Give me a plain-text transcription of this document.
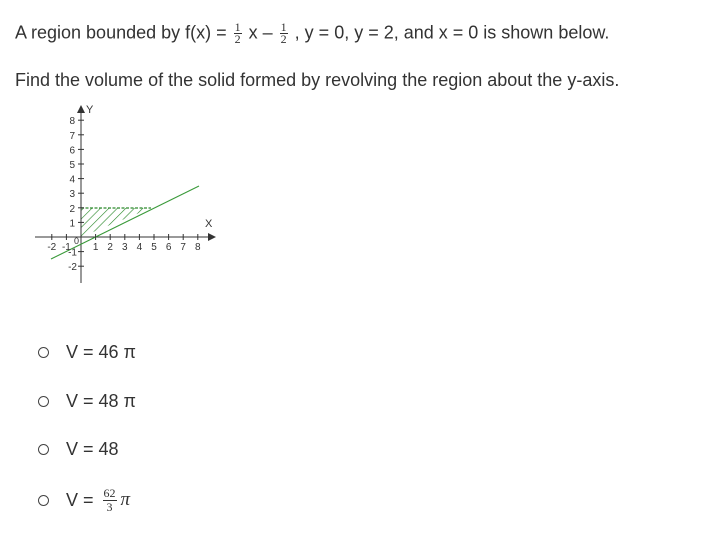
A region bounded by $f(x) = \frac{1}{2}$ x – $\frac{1}{2}$ , y = 0, y = 2, and x = 0 is shown below.
Find the volume of the solid formed by revolving the region about the y-axis.
-2 -1 1 2 3 4 5 6 7 8
1
2
3
4
5
6
7
8
-1
-2
X
Y
0
V = 46 π
V = 48 π
V = 48
$V = \frac{62}{3}$ π
